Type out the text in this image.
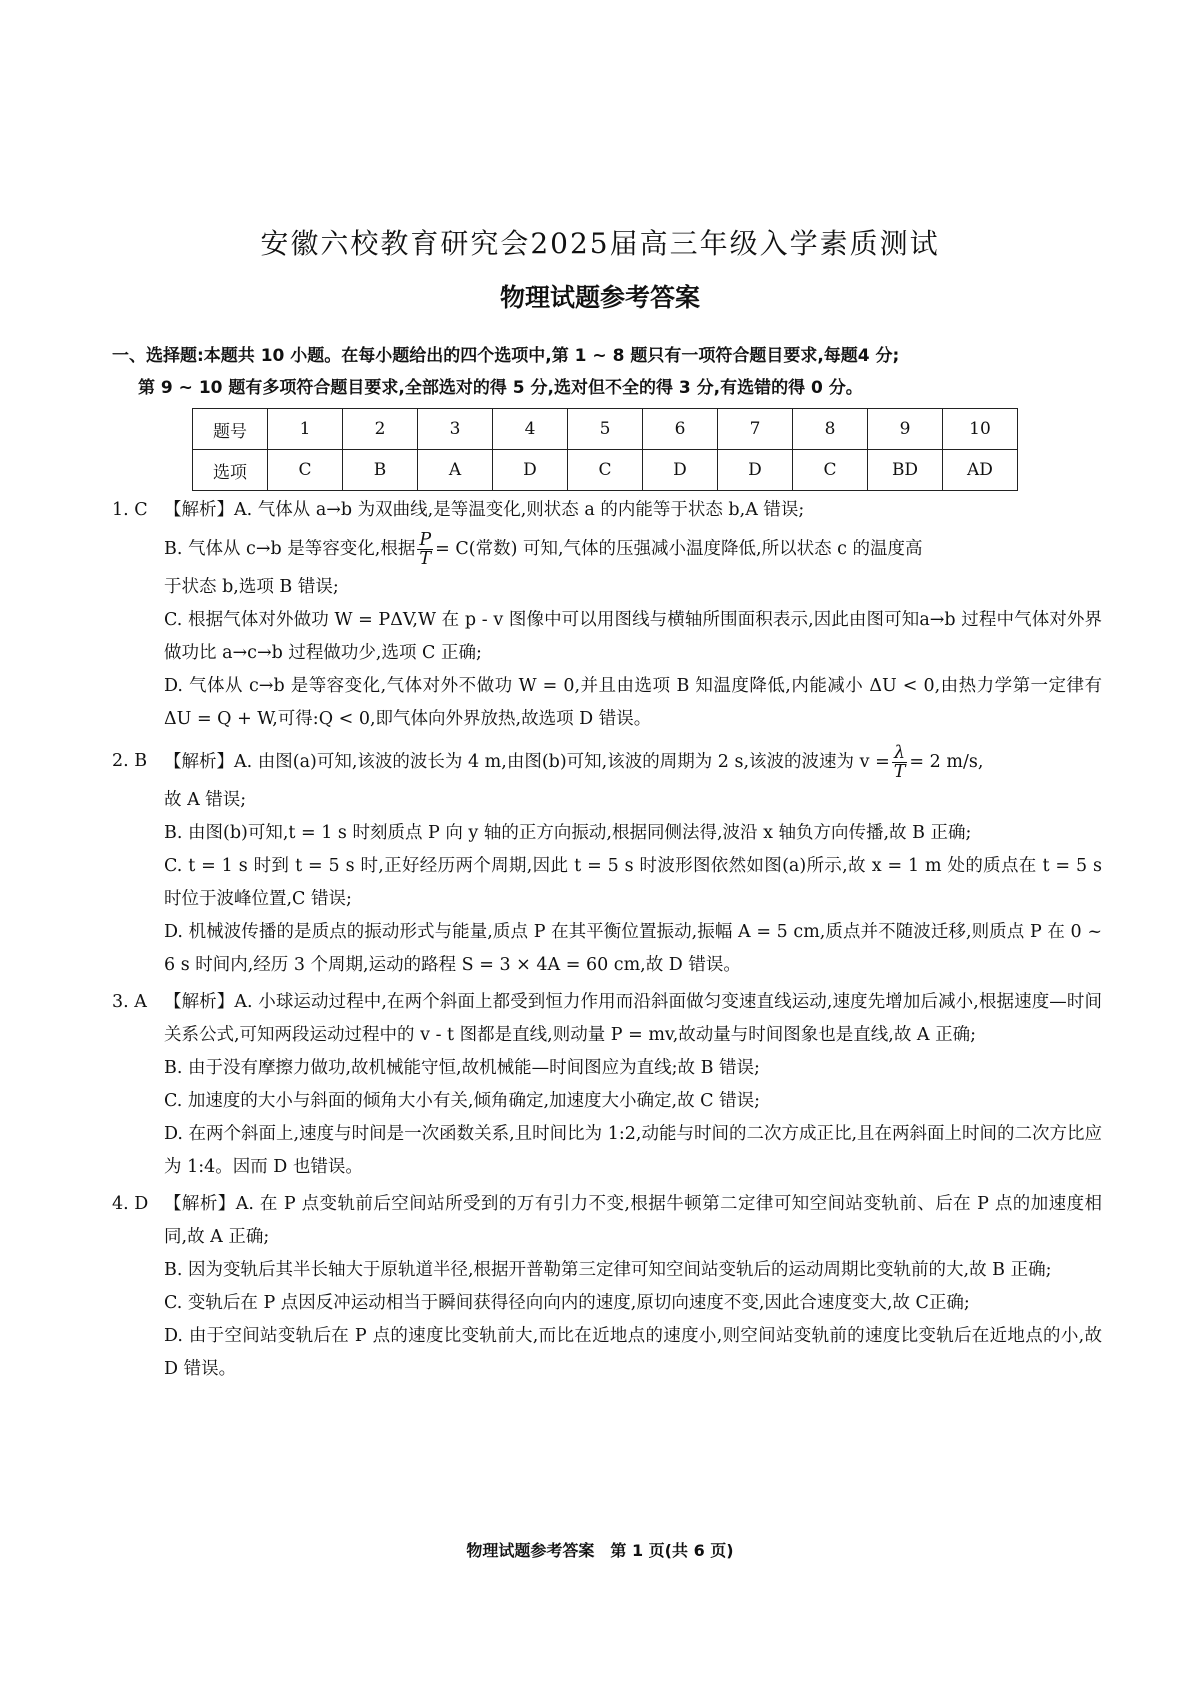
安徽六校教育研究会2025届高三年级入学素质测试
物理试题参考答案
一、选择题:本题共 10 小题。在每小题给出的四个选项中,第 1 ~ 8 题只有一项符合题目要求,每题4 分;
第 9 ~ 10 题有多项符合题目要求,全部选对的得 5 分,选对但不全的得 3 分,有选错的得 0 分。
题号	1	2	3	4	5	6	7	8	9	10
选项	C	B	A	D	C	D	D	C	BD	AD
1. C 【解析】A. 气体从 a→b 为双曲线,是等温变化,则状态 a 的内能等于状态 b,A 错误;
B. 气体从 c→b 是等容变化,根据 $\frac{P}{T} = C$(常数) 可知,气体的压强减小温度降低,所以状态 c 的温度高
于状态 b,选项 B 错误;
C. 根据气体对外做功 W = PΔV,W 在 p - v 图像中可以用图线与横轴所围面积表示,因此由图可知a→b 过程中气体对外界做功比 a→c→b 过程做功少,选项 C 正确;
D. 气体从 c→b 是等容变化,气体对外不做功 W = 0,并且由选项 B 知温度降低,内能减小 ΔU < 0,由热力学第一定律有 ΔU = Q + W,可得:Q < 0,即气体向外界放热,故选项 D 错误。
2. B 【解析】A. 由图(a)可知,该波的波长为 4 m,由图(b)可知,该波的周期为 2 s,该波的波速为 $v = \frac{\lambda}{T} = 2$ m/s,
故 A 错误;
B. 由图(b)可知,t = 1 s 时刻质点 P 向 y 轴的正方向振动,根据同侧法得,波沿 x 轴负方向传播,故 B 正确;
C. t = 1 s 时到 t = 5 s 时,正好经历两个周期,因此 t = 5 s 时波形图依然如图(a)所示,故 x = 1 m 处的质点在 t = 5 s 时位于波峰位置,C 错误;
D. 机械波传播的是质点的振动形式与能量,质点 P 在其平衡位置振动,振幅 A = 5 cm,质点并不随波迁移,则质点 P 在 0 ~ 6 s 时间内,经历 3 个周期,运动的路程 S = 3 × 4A = 60 cm,故 D 错误。
3. A 【解析】A. 小球运动过程中,在两个斜面上都受到恒力作用而沿斜面做匀变速直线运动,速度先增加后减小,根据速度—时间关系公式,可知两段运动过程中的 v - t 图都是直线,则动量 P = mv,故动量与时间图象也是直线,故 A 正确;
B. 由于没有摩擦力做功,故机械能守恒,故机械能—时间图应为直线;故 B 错误;
C. 加速度的大小与斜面的倾角大小有关,倾角确定,加速度大小确定,故 C 错误;
D. 在两个斜面上,速度与时间是一次函数关系,且时间比为 1:2,动能与时间的二次方成正比,且在两斜面上时间的二次方比应为 1:4。因而 D 也错误。
4. D 【解析】A. 在 P 点变轨前后空间站所受到的万有引力不变,根据牛顿第二定律可知空间站变轨前、后在 P 点的加速度相同,故 A 正确;
B. 因为变轨后其半长轴大于原轨道半径,根据开普勒第三定律可知空间站变轨后的运动周期比变轨前的大,故 B 正确;
C. 变轨后在 P 点因反冲运动相当于瞬间获得径向向内的速度,原切向速度不变,因此合速度变大,故 C正确;
D. 由于空间站变轨后在 P 点的速度比变轨前大,而比在近地点的速度小,则空间站变轨前的速度比变轨后在近地点的小,故 D 错误。
物理试题参考答案　第 1 页(共 6 页)
